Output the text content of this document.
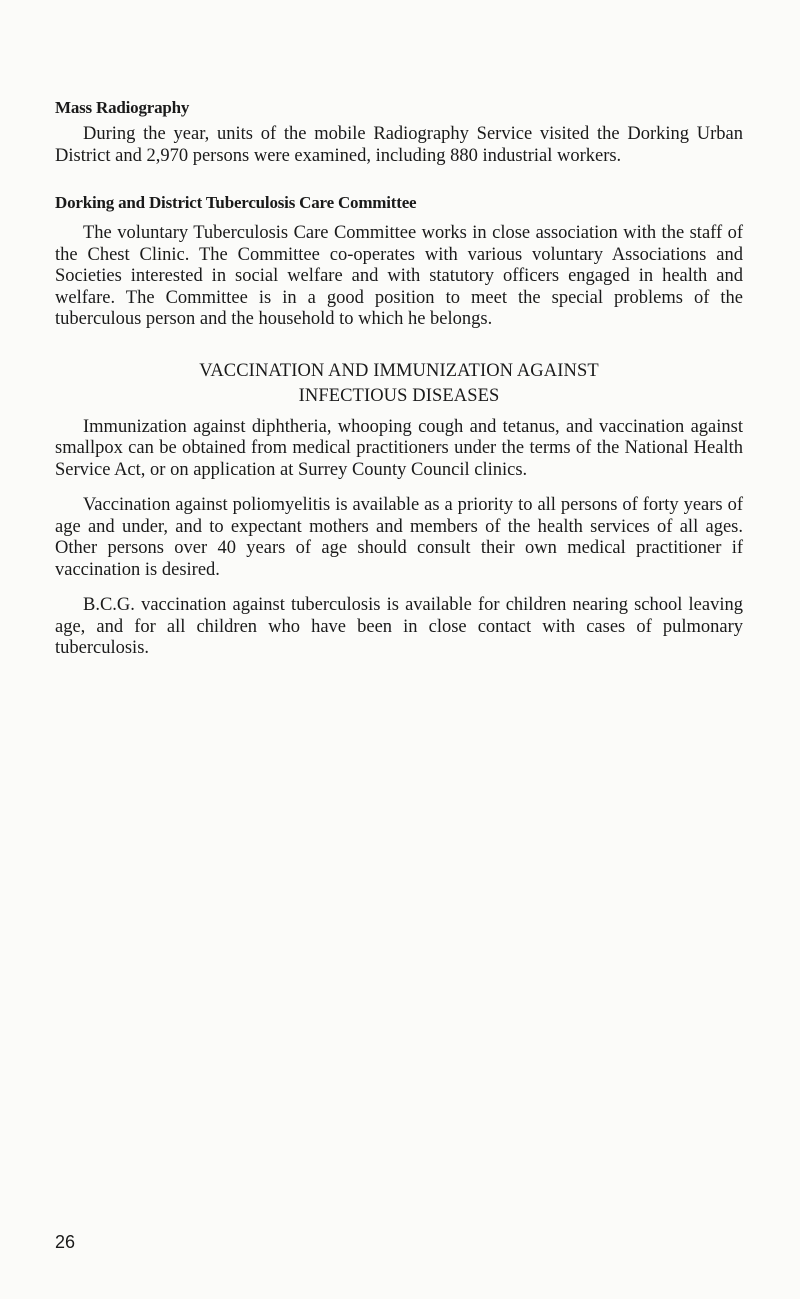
Mass Radiography

During the year, units of the mobile Radiography Service visited the Dorking Urban District and 2,970 persons were examined, including 880 industrial workers.

Dorking and District Tuberculosis Care Committee

The voluntary Tuberculosis Care Committee works in close association with the staff of the Chest Clinic. The Committee co-operates with various voluntary Associations and Societies interested in social welfare and with statutory officers engaged in health and welfare. The Committee is in a good position to meet the special problems of the tuberculous person and the household to which he belongs.

VACCINATION AND IMMUNIZATION AGAINST

INFECTIOUS DISEASES

Immunization against diphtheria, whooping cough and tetanus, and vaccination against smallpox can be obtained from medical practitioners under the terms of the National Health Service Act, or on application at Surrey County Council clinics.

Vaccination against poliomyelitis is available as a priority to all persons of forty years of age and under, and to expectant mothers and members of the health services of all ages. Other persons over 40 years of age should consult their own medical practitioner if vaccination is desired.

B.C.G. vaccination against tuberculosis is available for children nearing school leaving age, and for all children who have been in close contact with cases of pulmonary tuberculosis.

26
